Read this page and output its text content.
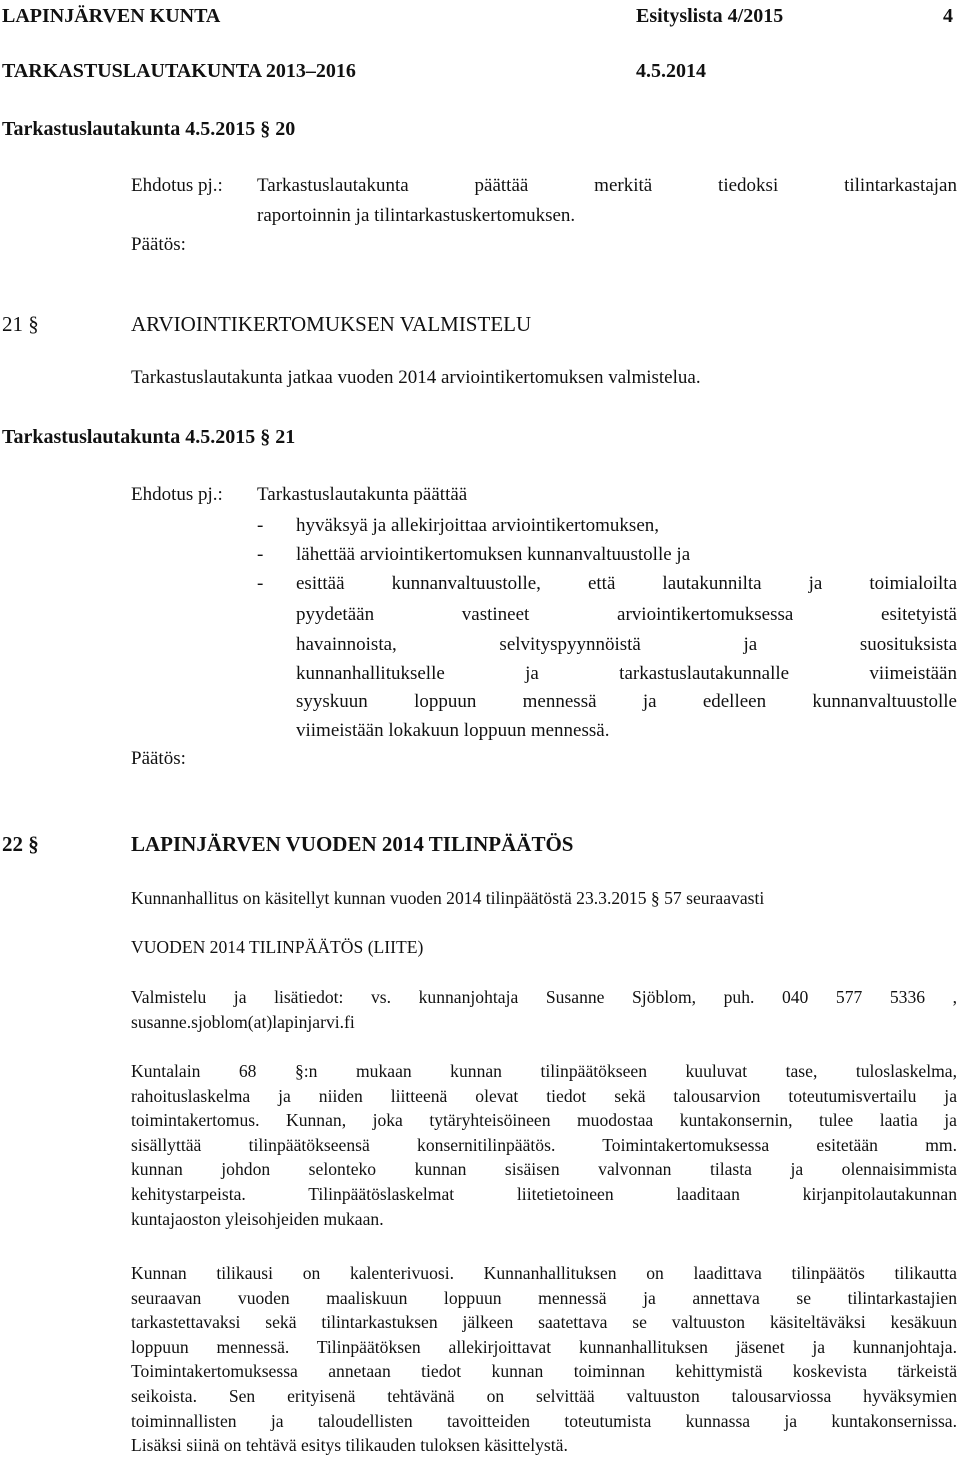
LAPINJÄRVEN KUNTA	Esityslista 4/2015	4
TARKASTUSLAUTAKUNTA 2013–2016	4.5.2014
Tarkastuslautakunta 4.5.2015 § 20
Ehdotus pj.: Tarkastuslautakunta päättää merkitä tiedoksi tilintarkastajan
raportoinnin ja tilintarkastuskertomuksen.
Päätös:
21 §	ARVIOINTIKERTOMUKSEN VALMISTELU
Tarkastuslautakunta jatkaa vuoden 2014 arviointikertomuksen valmistelua.
Tarkastuslautakunta 4.5.2015 § 21
Ehdotus pj.: Tarkastuslautakunta päättää
- hyväksyä ja allekirjoittaa arviointikertomuksen,
- lähettää arviointikertomuksen kunnanvaltuustolle ja
- esittää kunnanvaltuustolle, että lautakunnilta ja toimialoilta
pyydetään vastineet arviointikertomuksessa esitetyistä
havainnoista, selvityspyynnöistä ja suosituksista
kunnanhallitukselle ja tarkastuslautakunnalle viimeistään
syyskuun loppuun mennessä ja edelleen kunnanvaltuustolle
viimeistään lokakuun loppuun mennessä.
Päätös:
22 §	LAPINJÄRVEN VUODEN 2014 TILINPÄÄTÖS
Kunnanhallitus on käsitellyt kunnan vuoden 2014 tilinpäätöstä 23.3.2015 § 57 seuraavasti
VUODEN 2014 TILINPÄÄTÖS (LIITE)
Valmistelu ja lisätiedot: vs. kunnanjohtaja Susanne Sjöblom, puh. 040 577 5336 ,
susanne.sjoblom(at)lapinjarvi.fi
Kuntalain 68 §:n mukaan kunnan tilinpäätökseen kuuluvat tase, tuloslaskelma,
rahoituslaskelma ja niiden liitteenä olevat tiedot sekä talousarvion toteutumisvertailu ja
toimintakertomus. Kunnan, joka tytäryhteisöineen muodostaa kuntakonsernin, tulee laatia ja
sisällyttää tilinpäätökseensä konsernitilinpäätös. Toimintakertomuksessa esitetään mm.
kunnan johdon selonteko kunnan sisäisen valvonnan tilasta ja olennaisimmista
kehitystarpeista. Tilinpäätöslaskelmat liitetietoineen laaditaan kirjanpitolautakunnan
kuntajaoston yleisohjeiden mukaan.
Kunnan tilikausi on kalenterivuosi. Kunnanhallituksen on laadittava tilinpäätös tilikautta
seuraavan vuoden maaliskuun loppuun mennessä ja annettava se tilintarkastajien
tarkastettavaksi sekä tilintarkastuksen jälkeen saatettava se valtuuston käsiteltäväksi kesäkuun
loppuun mennessä. Tilinpäätöksen allekirjoittavat kunnanhallituksen jäsenet ja kunnanjohtaja.
Toimintakertomuksessa annetaan tiedot kunnan toiminnan kehittymistä koskevista tärkeistä
seikoista. Sen erityisenä tehtävänä on selvittää valtuuston talousarviossa hyväksymien
toiminnallisten ja taloudellisten tavoitteiden toteutumista kunnassa ja kuntakonsernissa.
Lisäksi siinä on tehtävä esitys tilikauden tuloksen käsittelystä.
